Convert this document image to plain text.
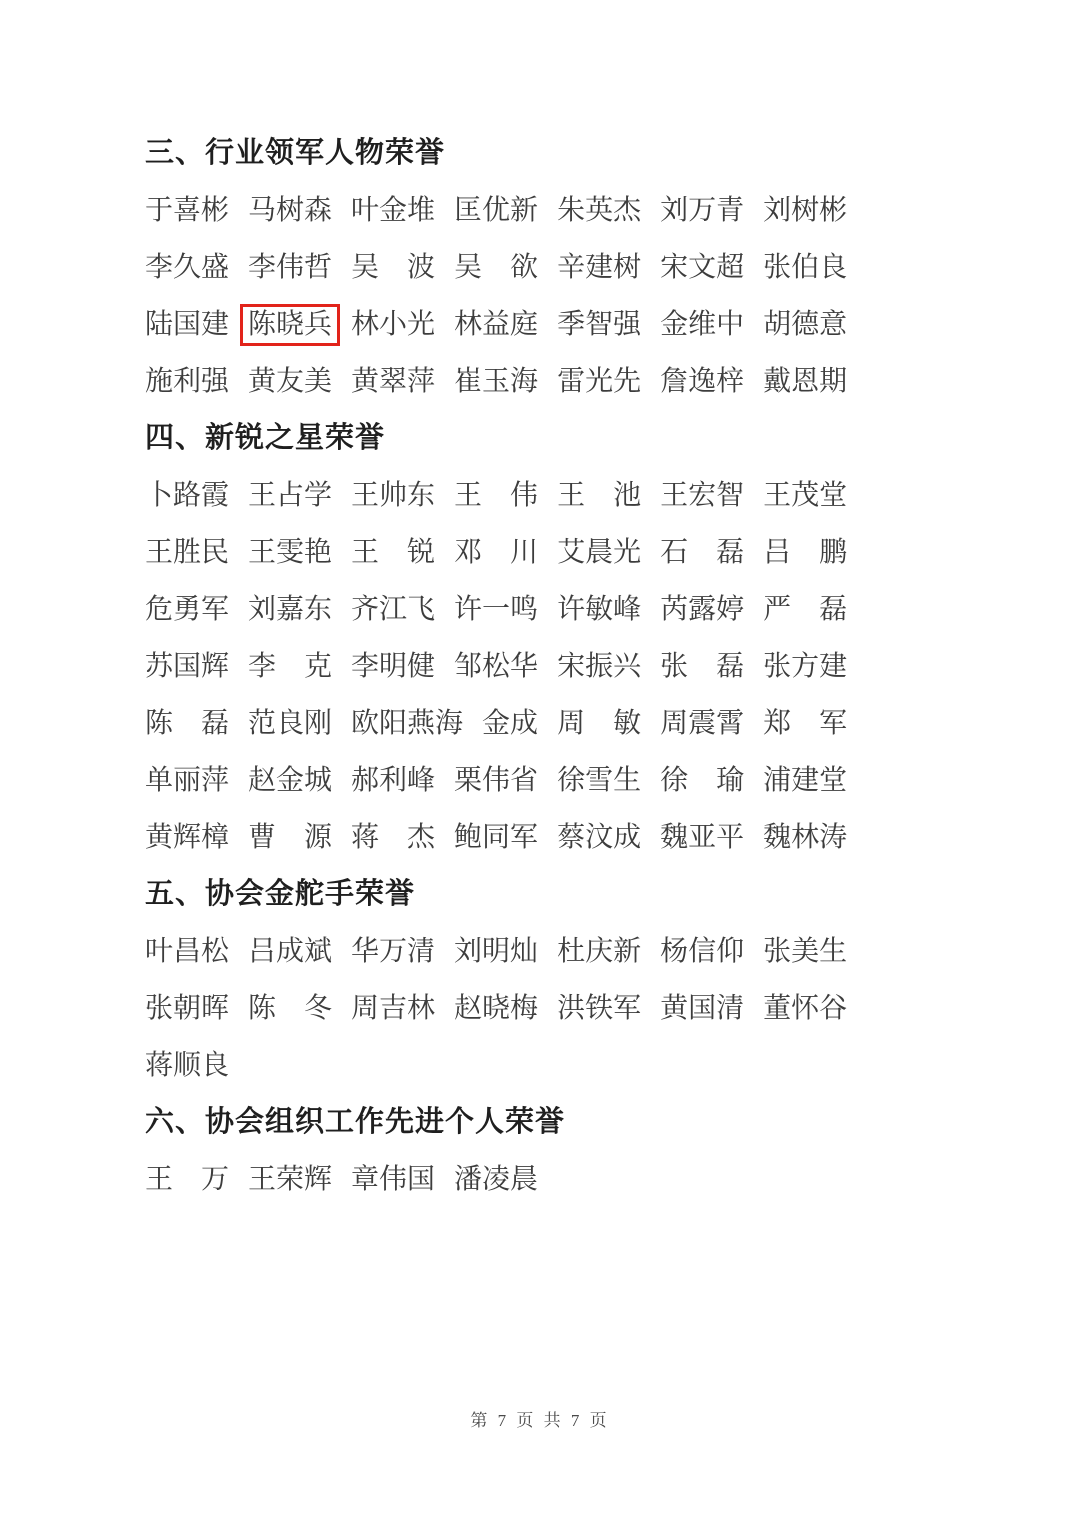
三、行业领军人物荣誉
于喜彬 马树森 叶金堆 匡优新 朱英杰 刘万青 刘树彬
李久盛 李伟哲 吴　波 吴　欲 辛建树 宋文超 张伯良
陆国建 陈晓兵 林小光 林益庭 季智强 金维中 胡德意
施利强 黄友美 黄翠萍 崔玉海 雷光先 詹逸梓 戴恩期
四、新锐之星荣誉
卜路霞 王占学 王帅东 王　伟 王　池 王宏智 王茂堂
王胜民 王雯艳 王　锐 邓　川 艾晨光 石　磊 吕　鹏
危勇军 刘嘉东 齐江飞 许一鸣 许敏峰 芮露婷 严　磊
苏国辉 李　克 李明健 邹松华 宋振兴 张　磊 张方建
陈　磊 范良刚 欧阳燕海 金成 周　敏 周震霄 郑　军
单丽萍 赵金城 郝利峰 栗伟省 徐雪生 徐　瑜 浦建堂
黄辉樟 曹　源 蒋　杰 鲍同军 蔡汶成 魏亚平 魏林涛
五、协会金舵手荣誉
叶昌松 吕成斌 华万清 刘明灿 杜庆新 杨信仰 张美生
张朝晖 陈　冬 周吉林 赵晓梅 洪铁军 黄国清 董怀谷
蒋顺良
六、协会组织工作先进个人荣誉
王　万 王荣辉 章伟国 潘凌晨
第 7 页 共 7 页
